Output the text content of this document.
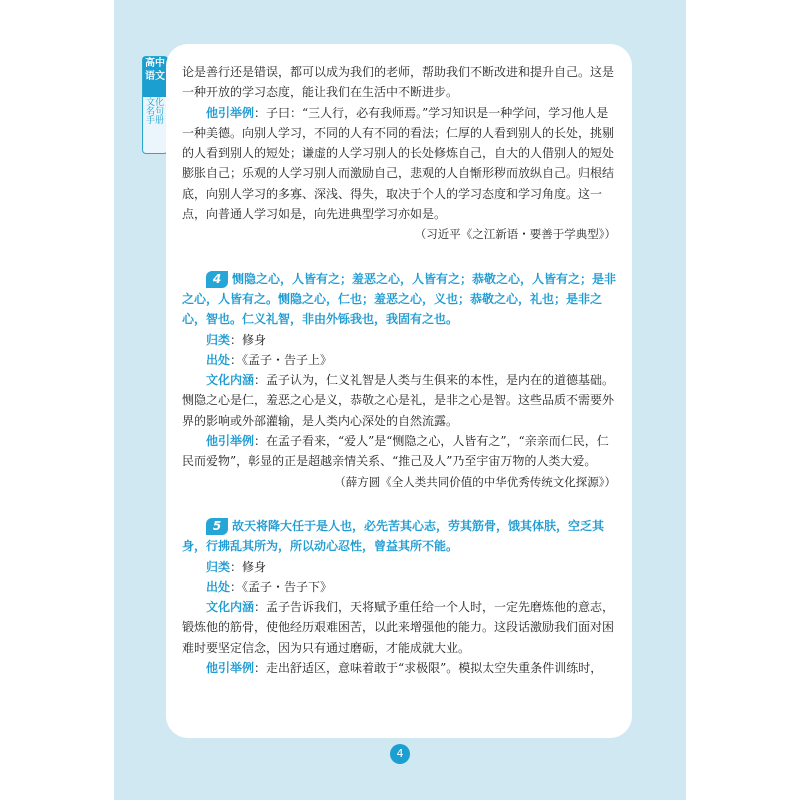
高中语文
文化名句手册

论是善行还是错误，都可以成为我们的老师，帮助我们不断改进和提升自己。这是一种开放的学习态度，能让我们在生活中不断进步。

他引举例：子曰：“三人行，必有我师焉。”学习知识是一种学问，学习他人是一种美德。向别人学习，不同的人有不同的看法；仁厚的人看到别人的长处，挑剔的人看到别人的短处；谦虚的人学习别人的长处修炼自己，自大的人借别人的短处膨胀自己；乐观的人学习别人而激励自己，悲观的人自惭形秽而放纵自己。归根结底，向别人学习的多寡、深浅、得失，取决于个人的学习态度和学习角度。这一点，向普通人学习如是，向先进典型学习亦如是。

（习近平《之江新语・要善于学典型》）

4 恻隐之心，人皆有之；羞恶之心，人皆有之；恭敬之心，人皆有之；是非之心，人皆有之。恻隐之心，仁也；羞恶之心，义也；恭敬之心，礼也；是非之心，智也。仁义礼智，非由外铄我也，我固有之也。

归类：修身

出处：《孟子・告子上》

文化内涵：孟子认为，仁义礼智是人类与生俱来的本性，是内在的道德基础。恻隐之心是仁，羞恶之心是义，恭敬之心是礼，是非之心是智。这些品质不需要外界的影响或外部灌输，是人类内心深处的自然流露。

他引举例：在孟子看来，“爱人”是“恻隐之心，人皆有之”，“亲亲而仁民，仁民而爱物”，彰显的正是超越亲情关系、“推己及人”乃至宇宙万物的人类大爱。

（薛方圆《全人类共同价值的中华优秀传统文化探源》）

5 故天将降大任于是人也，必先苦其心志，劳其筋骨，饿其体肤，空乏其身，行拂乱其所为，所以动心忍性，曾益其所不能。

归类：修身

出处：《孟子・告子下》

文化内涵：孟子告诉我们，天将赋予重任给一个人时，一定先磨炼他的意志，锻炼他的筋骨，使他经历艰难困苦，以此来增强他的能力。这段话激励我们面对困难时要坚定信念，因为只有通过磨砺，才能成就大业。

他引举例：走出舒适区，意味着敢于“求极限”。模拟太空失重条件训练时，

4
